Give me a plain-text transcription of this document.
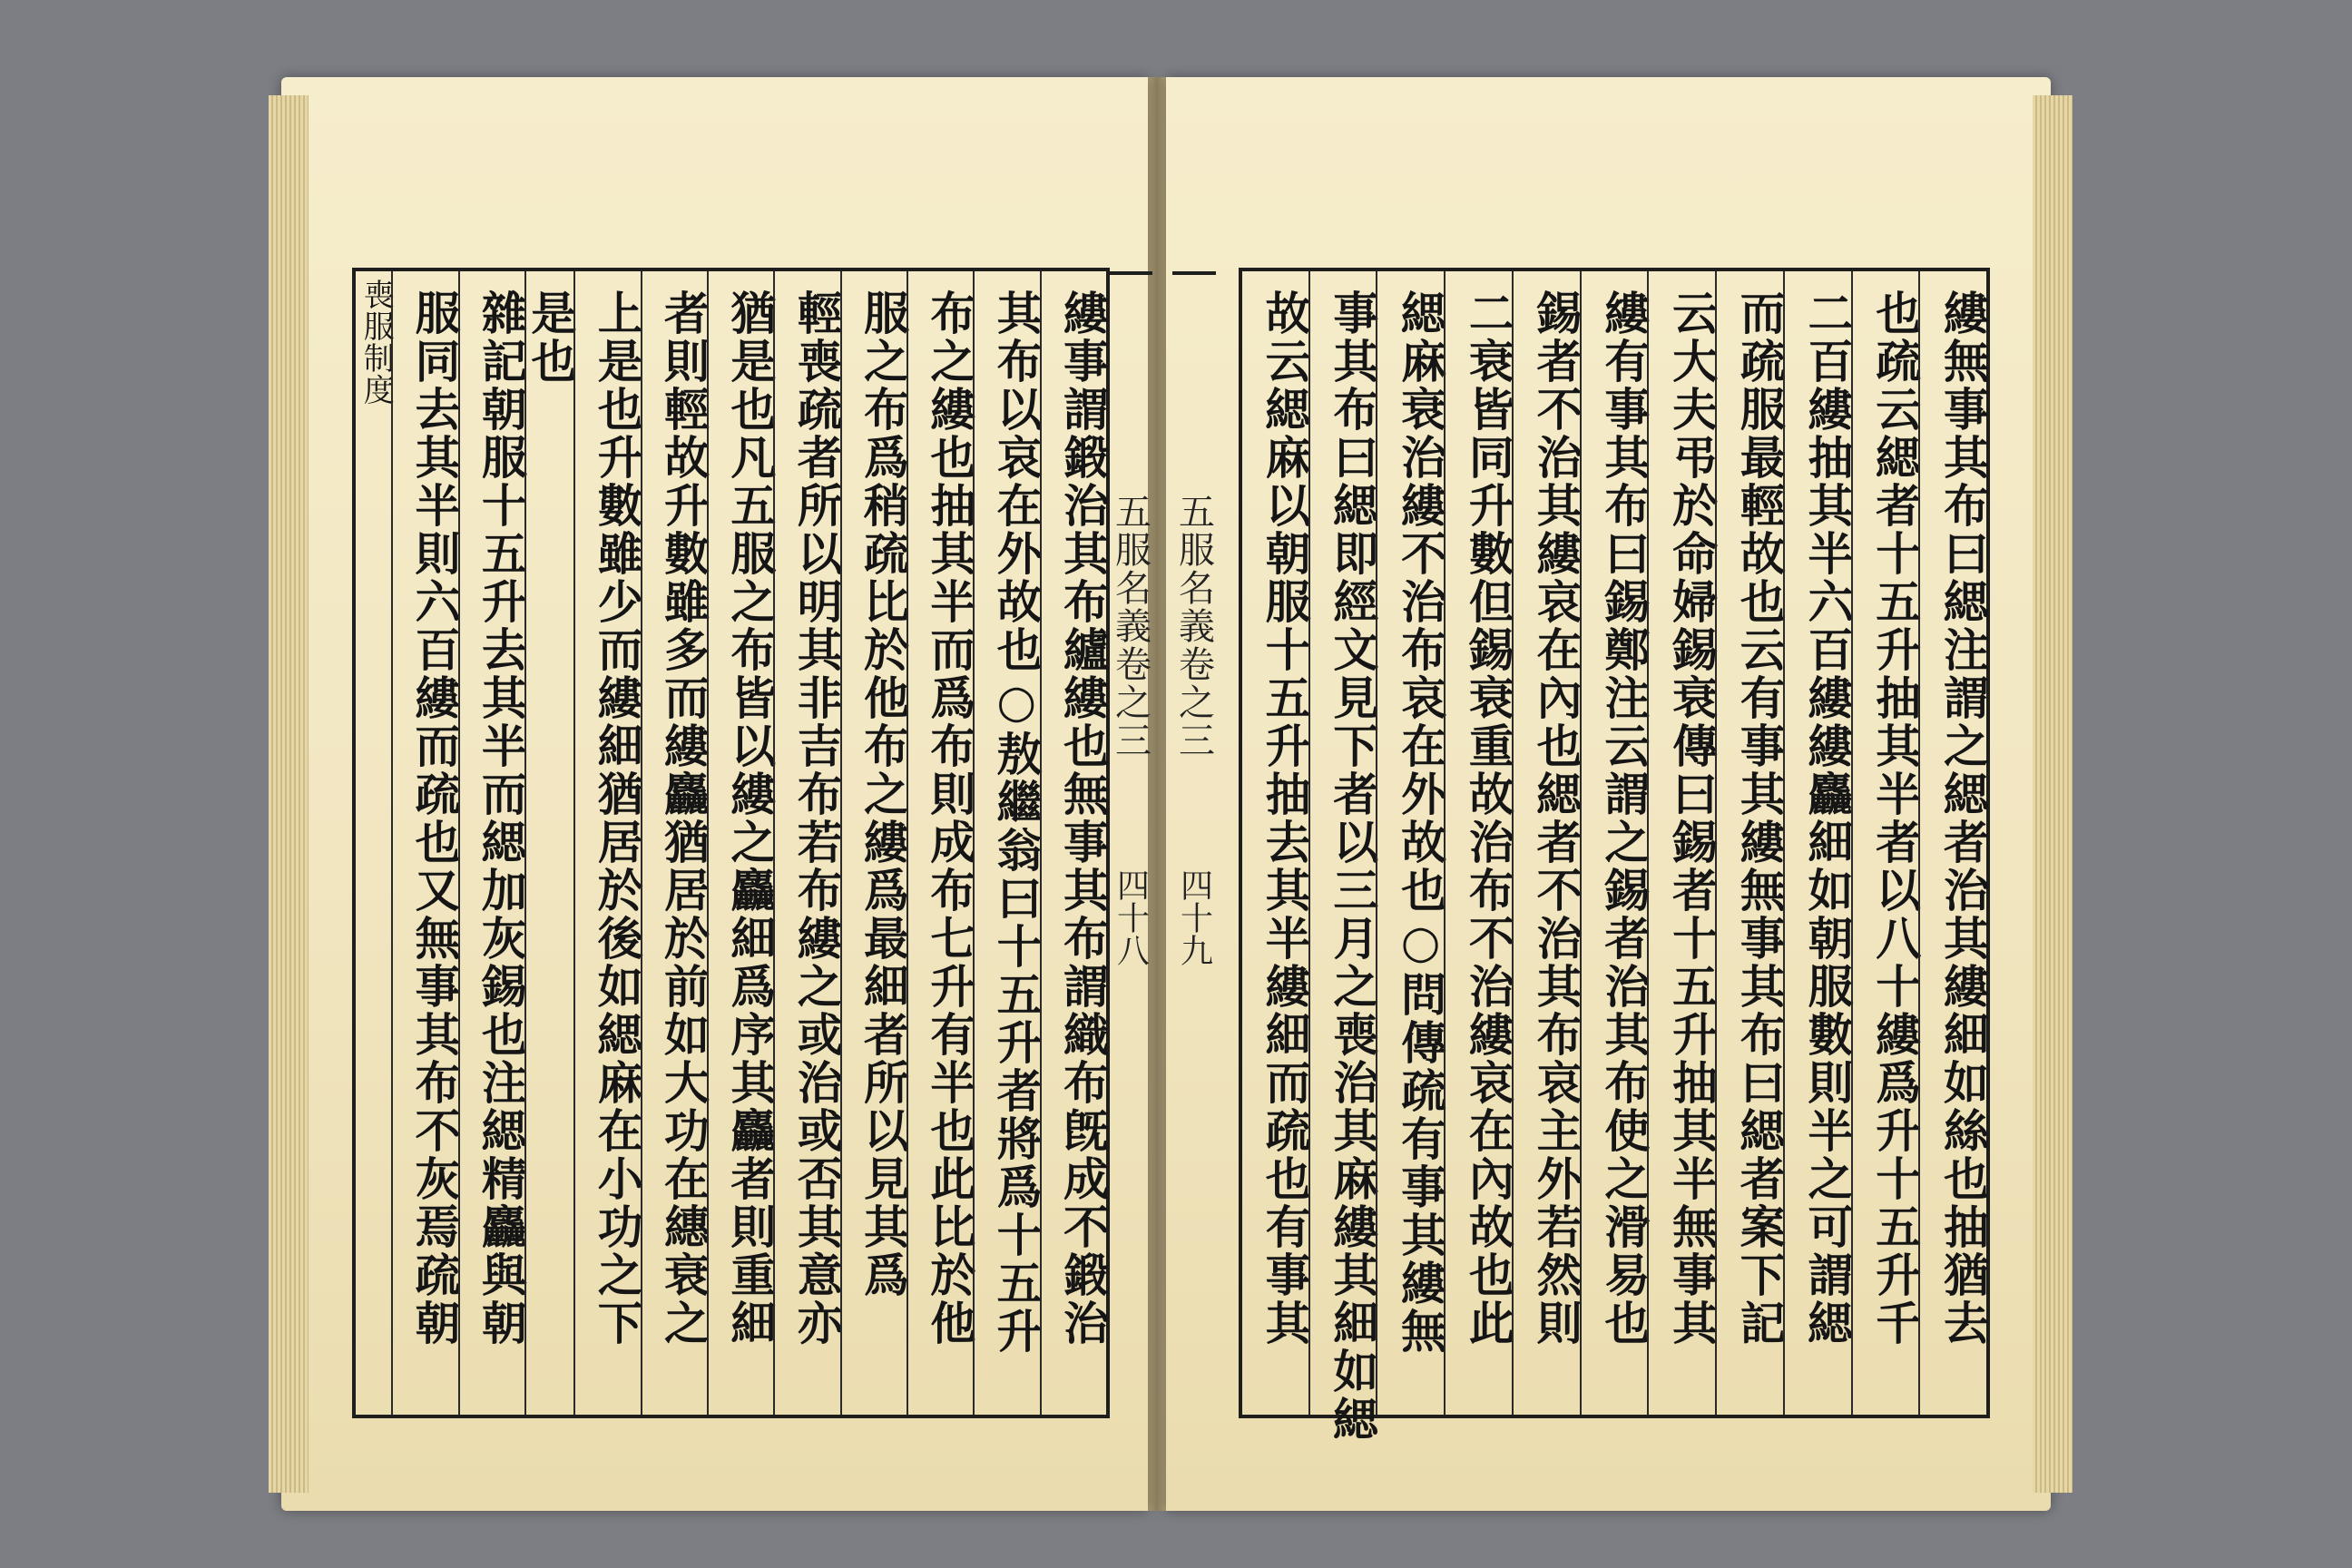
縷事謂鍛治其布纑縷也無事其布謂織布旣成不鍛治
其布以哀在外故也○敖繼翁曰十五升者將爲十五升
布之縷也抽其半而爲布則成布七升有半也此比於他
服之布爲稍疏比於他布之縷爲最細者所以見其爲
輕喪疏者所以明其非吉布若布縷之或治或否其意亦
猶是也凡五服之布皆以縷之麤細爲序其麤者則重細
者則輕故升數雖多而縷麤猶居於前如大功在繐衰之
上是也升數雖少而縷細猶居於後如緦麻在小功之下
是也
雜記朝服十五升去其半而緦加灰錫也注緦精麤與朝
服同去其半則六百縷而疏也又無事其布不灰焉疏朝
喪服制度
五服名義卷之三
四十八
五服名義卷之三
四十九	縷無事其布曰緦注謂之緦者治其縷細如絲也抽猶去
也疏云緦者十五升抽其半者以八十縷爲升十五升千
二百縷抽其半六百縷縷麤細如朝服數則半之可謂緦
而疏服最輕故也云有事其縷無事其布曰緦者案下記
云大夫弔於命婦錫衰傳曰錫者十五升抽其半無事其
縷有事其布曰錫鄭注云謂之錫者治其布使之滑易也
錫者不治其縷哀在內也緦者不治其布哀主外若然則
二衰皆同升數但錫衰重故治布不治縷哀在內故也此
緦麻衰治縷不治布哀在外故也○問傳疏有事其縷無
事其布曰緦即經文見下者以三月之喪治其麻縷其細如緦
故云緦麻以朝服十五升抽去其半縷細而疏也有事其
